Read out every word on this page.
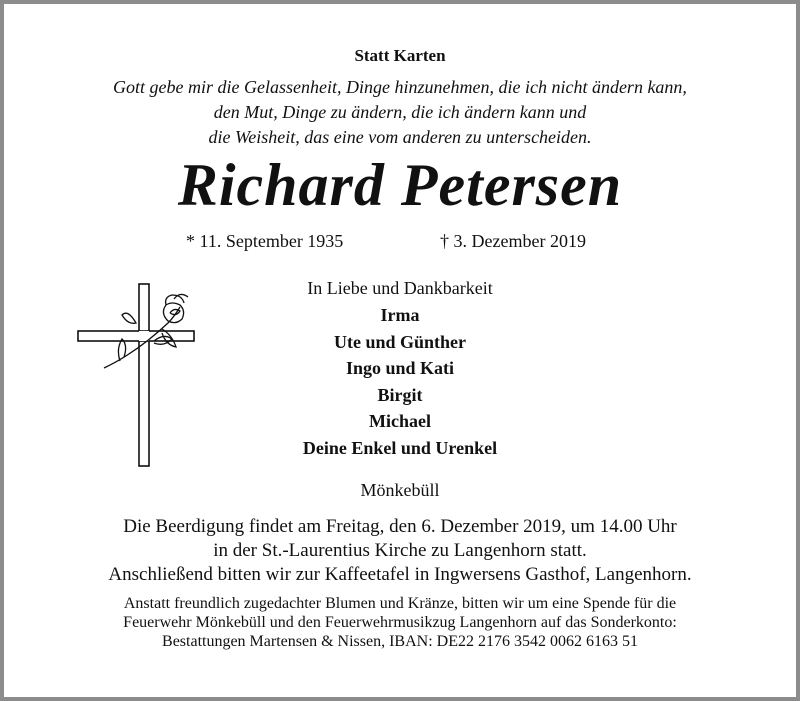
Statt Karten
Gott gebe mir die Gelassenheit, Dinge hinzunehmen, die ich nicht ändern kann,
den Mut, Dinge zu ändern, die ich ändern kann und
die Weisheit, das eine vom anderen zu unterscheiden.
Richard Petersen
* 11. September 1935	† 3. Dezember 2019
In Liebe und Dankbarkeit
Irma
Ute und Günther
Ingo und Kati
Birgit
Michael
Deine Enkel und Urenkel
Mönkebüll
Die Beerdigung findet am Freitag, den 6. Dezember 2019, um 14.00 Uhr
in der St.-Laurentius Kirche zu Langenhorn statt.
Anschließend bitten wir zur Kaffeetafel in Ingwersens Gasthof, Langenhorn.
Anstatt freundlich zugedachter Blumen und Kränze, bitten wir um eine Spende für die
Feuerwehr Mönkebüll und den Feuerwehrmusikzug Langenhorn auf das Sonderkonto:
Bestattungen Martensen & Nissen, IBAN: DE22 2176 3542 0062 6163 51
